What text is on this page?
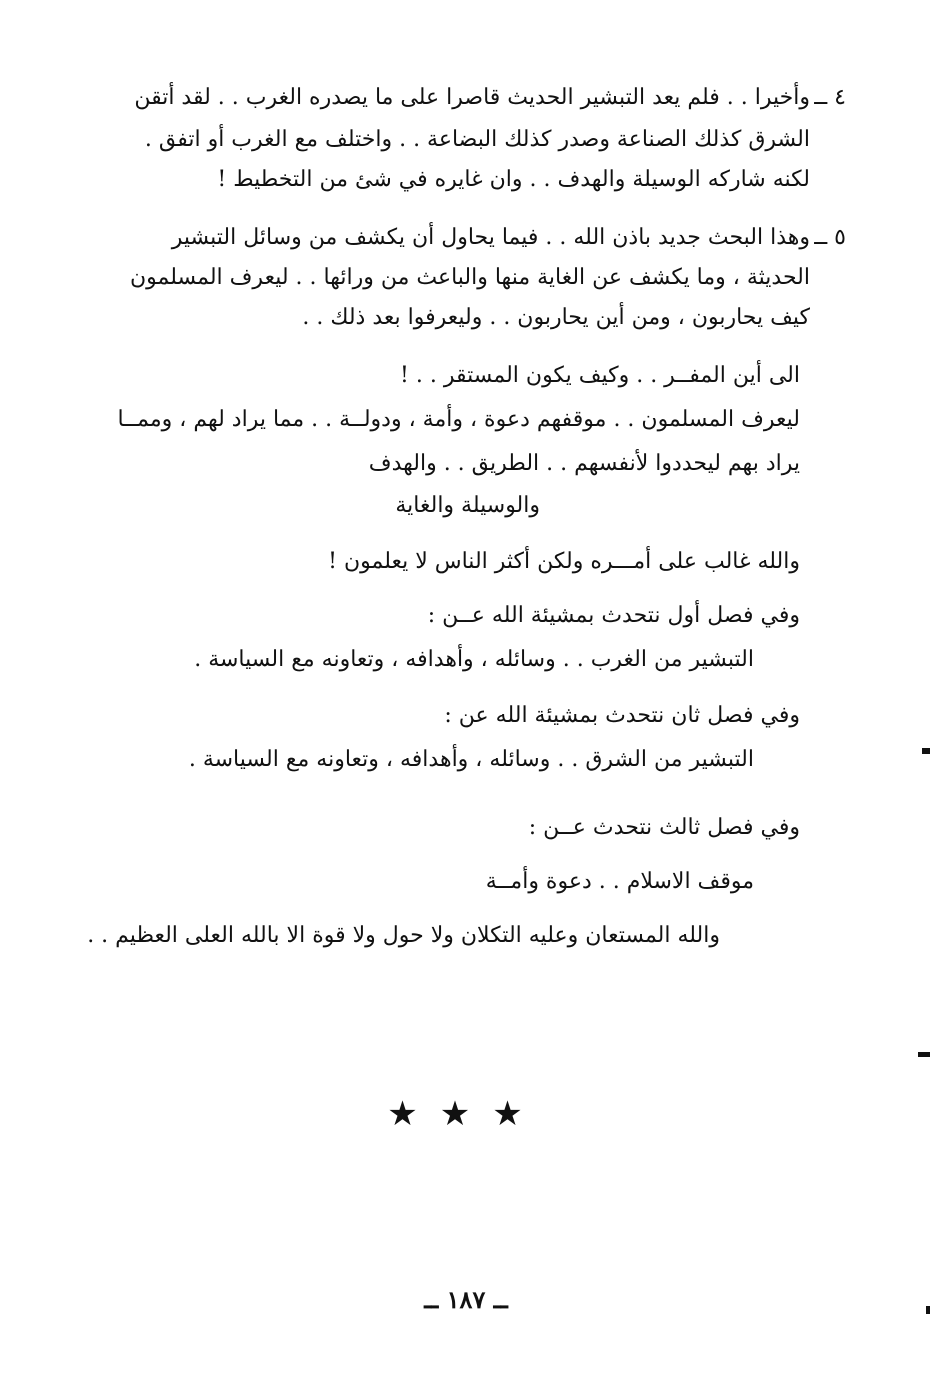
٤ ــ
وأخيرا . . فلم يعد التبشير الحديث قاصرا على ما يصدره الغرب . . لقد أتقن
الشرق كذلك الصناعة وصدر كذلك البضاعة . . واختلف مع الغرب أو اتفق .
لكنه شاركه الوسيلة والهدف . . وان غايره في شئ من التخطيط !
٥ ــ
وهذا البحث جديد باذن الله . . فيما يحاول أن يكشف من وسائل التبشير
الحديثة ، وما يكشف عن الغاية منها والباعث من ورائها . . ليعرف المسلمون
كيف يحاربون ، ومن أين يحاربون . . وليعرفوا بعد ذلك . .
الى أين المفــر . . وكيف يكون المستقر . . !
ليعرف المسلمون . . موقفهم دعوة ، وأمة ، ودولــة . . مما يراد لهم ، وممــا
يراد بهم ليحددوا لأنفسهم . . الطريق . . والهدف
والوسيلة والغاية
والله غالب على أمـــره ولكن أكثر الناس لا يعلمون !
وفي فصل أول نتحدث بمشيئة الله عــن :
التبشير من الغرب . . وسائله ، وأهدافه ، وتعاونه مع السياسة .
وفي فصل ثان نتحدث بمشيئة الله عن :
التبشير من الشرق . . وسائله ، وأهدافه ، وتعاونه مع السياسة .
وفي فصل ثالث نتحدث عــن :
موقف الاسلام . . دعوة وأمــة
والله المستعان وعليه التكلان ولا حول ولا قوة الا بالله العلى العظيم . .
★★★
ــ ١٨٧ ــ
